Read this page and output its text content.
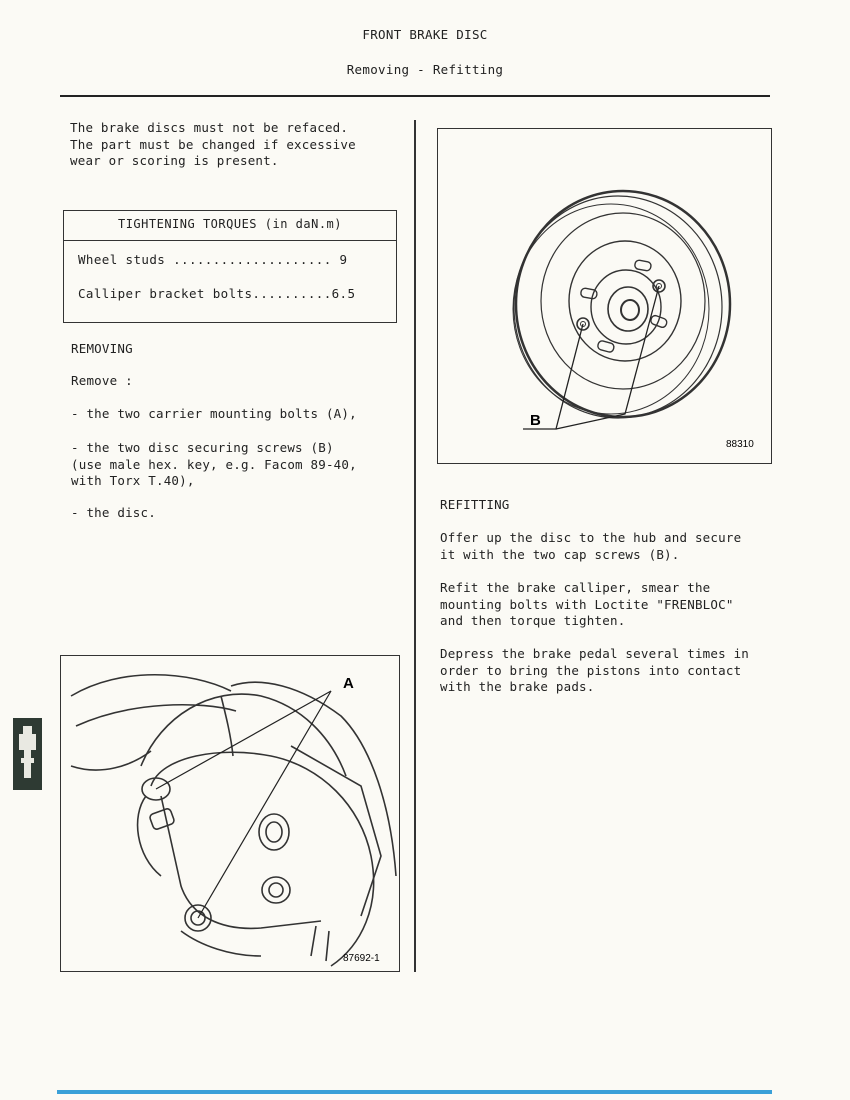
FRONT BRAKE DISC
Removing - Refitting
The brake discs must not be refaced.
The part must be changed if excessive
wear or scoring is present.
TIGHTENING TORQUES (in daN.m)
Wheel studs .................... 9
Calliper bracket bolts..........6.5
REMOVING
Remove :
- the two carrier mounting bolts (A),
- the two disc securing screws (B)
(use male hex. key, e.g. Facom 89-40,
with Torx T.40),
- the disc.
A
87692-1
B
88310
REFITTING
Offer up the disc to the hub and secure
it with the two cap screws (B).
Refit the brake calliper, smear the
mounting bolts with Loctite "FRENBLOC"
and then torque tighten.
Depress the brake pedal several times in
order to bring the pistons into contact
with the brake pads.
